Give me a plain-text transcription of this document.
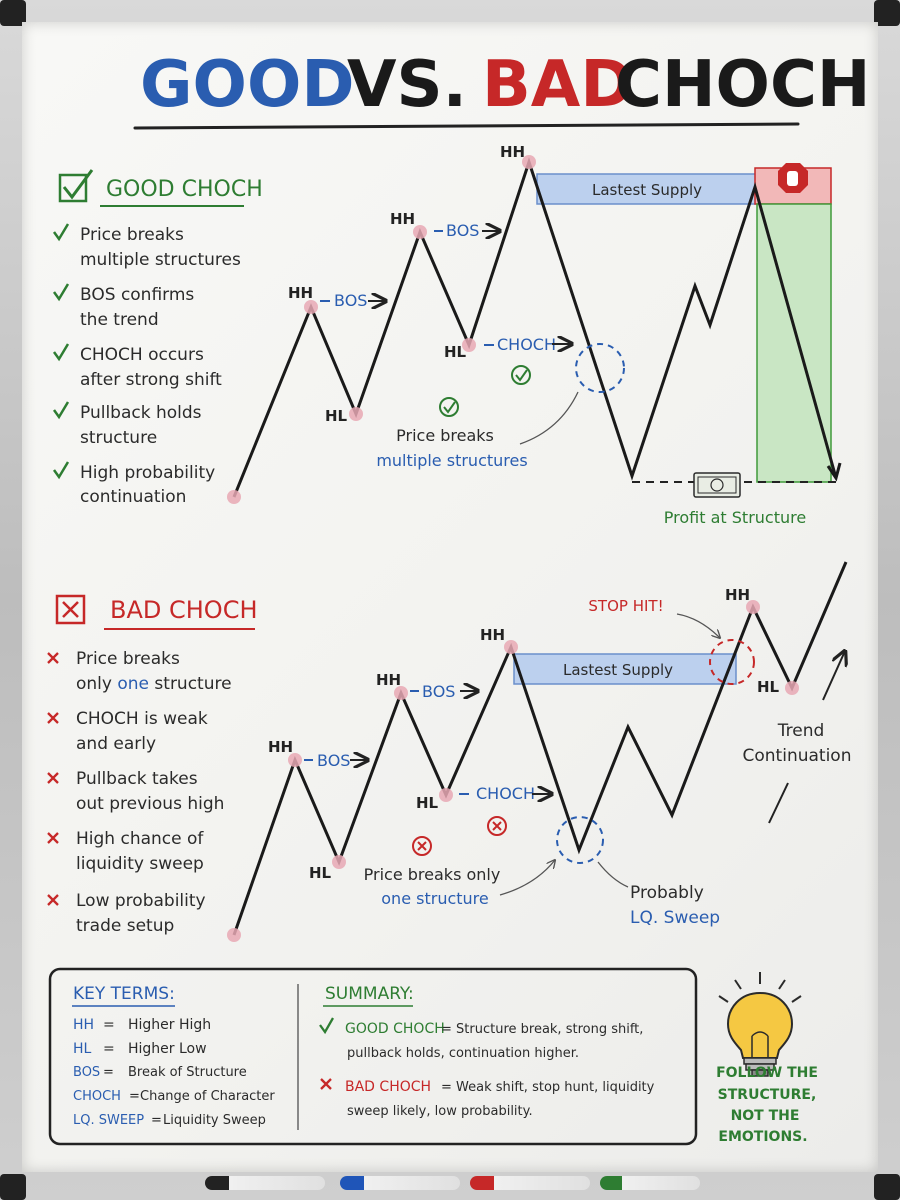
GOOD
VS. BAD
CHOCH
GOOD CHOCH
Price breaks
multiple structures
BOS confirms
the trend
CHOCH occurs
after strong shift
Pullback holds
structure
High probability
continuation
Lastest Supply
HH
HH
HH
HL
HL
BOS
BOS
CHOCH
Price breaks
multiple structures
Profit at Structure
BAD CHOCH
Price breaks
only one structure
CHOCH is weak
and early
Pullback takes
out previous high
High chance of
liquidity sweep
Low probability
trade setup
Lastest Supply
HH
HH
HH
HH
HL
HL
HL
BOS
BOS
CHOCH
Price breaks only
one structure	Probably
LQ. Sweep
STOP HIT!
Trend
Continuation
KEY TERMS:
HH = Higher High
HL = Higher Low
BOS = Break of Structure
CHOCH = Change of Character
LQ. SWEEP = Liquidity Sweep
SUMMARY:
GOOD CHOCH
= Structure break, strong shift,
pullback holds, continuation higher.
BAD CHOCH = Weak shift, stop hunt, liquidity
sweep likely, low probability.
FOLLOW THE
STRUCTURE,
NOT THE
EMOTIONS.
